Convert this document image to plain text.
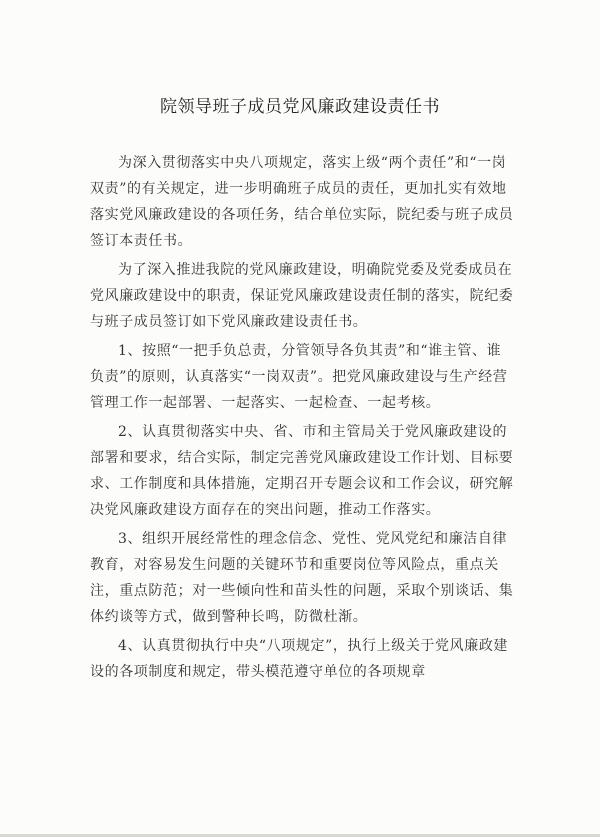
院领导班子成员党风廉政建设责任书

为深入贯彻落实中央八项规定，落实上级“两个责任”和“一岗双责”的有关规定，进一步明确班子成员的责任，更加扎实有效地落实党风廉政建设的各项任务，结合单位实际，院纪委与班子成员签订本责任书。

为了深入推进我院的党风廉政建设，明确院党委及党委成员在党风廉政建设中的职责，保证党风廉政建设责任制的落实，院纪委与班子成员签订如下党风廉政建设责任书。

1、按照“一把手负总责，分管领导各负其责”和“谁主管、谁负责”的原则，认真落实“一岗双责”。把党风廉政建设与生产经营管理工作一起部署、一起落实、一起检查、一起考核。

2、认真贯彻落实中央、省、市和主管局关于党风廉政建设的部署和要求，结合实际，制定完善党风廉政建设工作计划、目标要求、工作制度和具体措施，定期召开专题会议和工作会议，研究解决党风廉政建设方面存在的突出问题，推动工作落实。

3、组织开展经常性的理念信念、党性、党风党纪和廉洁自律教育，对容易发生问题的关键环节和重要岗位等风险点，重点关注，重点防范；对一些倾向性和苗头性的问题，采取个别谈话、集体约谈等方式，做到警种长鸣，防微杜渐。

4、认真贯彻执行中央“八项规定”，执行上级关于党风廉政建设的各项制度和规定，带头模范遵守单位的各项规章
